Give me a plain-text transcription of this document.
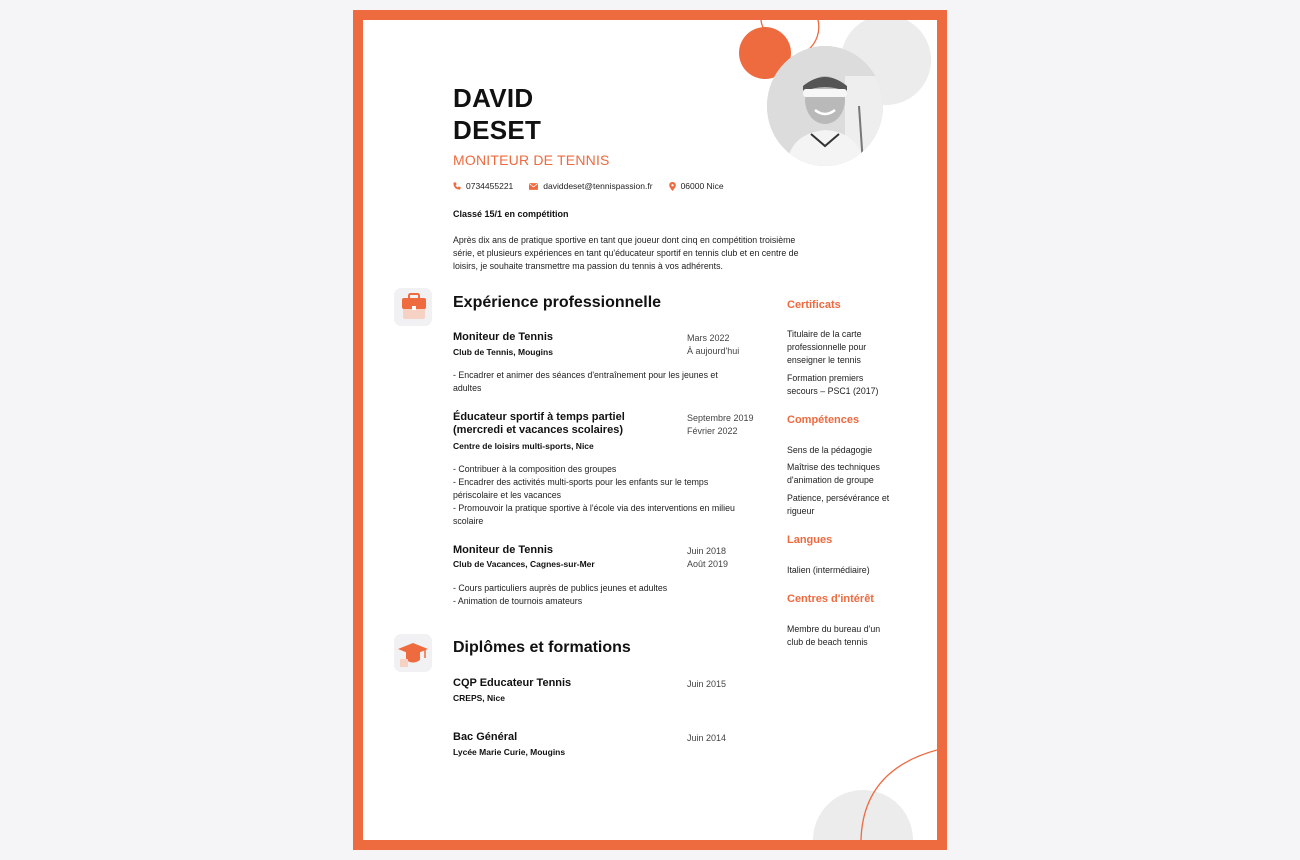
DAVID
DESET
MONITEUR DE TENNIS
0734455221	daviddeset@tennispassion.fr	06000 Nice
Classé 15/1 en compétition
Après dix ans de pratique sportive en tant que joueur dont cinq en compétition troisième
série, et plusieurs expériences en tant qu'éducateur sportif en tennis club et en centre de
loisirs, je souhaite transmettre ma passion du tennis à vos adhérents.
Expérience professionnelle
Moniteur de Tennis
Club de Tennis, Mougins
Mars 2022
À aujourd'hui
- Encadrer et animer des séances d'entraînement pour les jeunes et
adultes
Éducateur sportif à temps partiel
(mercredi et vacances scolaires)
Centre de loisirs multi-sports, Nice
Septembre 2019
Février 2022
- Contribuer à la composition des groupes
- Encadrer des activités multi-sports pour les enfants sur le temps
périscolaire et les vacances
- Promouvoir la pratique sportive à l'école via des interventions en milieu
scolaire
Moniteur de Tennis
Club de Vacances, Cagnes-sur-Mer
Juin 2018
Août 2019
- Cours particuliers auprès de publics jeunes et adultes
- Animation de tournois amateurs
Diplômes et formations
CQP Educateur Tennis
CREPS, Nice
Juin 2015
Bac Général
Lycée Marie Curie, Mougins
Juin 2014
Certificats
Titulaire de la carte
professionnelle pour
enseigner le tennis
Formation premiers
secours – PSC1 (2017)
Compétences
Sens de la pédagogie
Maîtrise des techniques
d'animation de groupe
Patience, persévérance et
rigueur
Langues
Italien (intermédiaire)
Centres d'intérêt
Membre du bureau d'un
club de beach tennis
